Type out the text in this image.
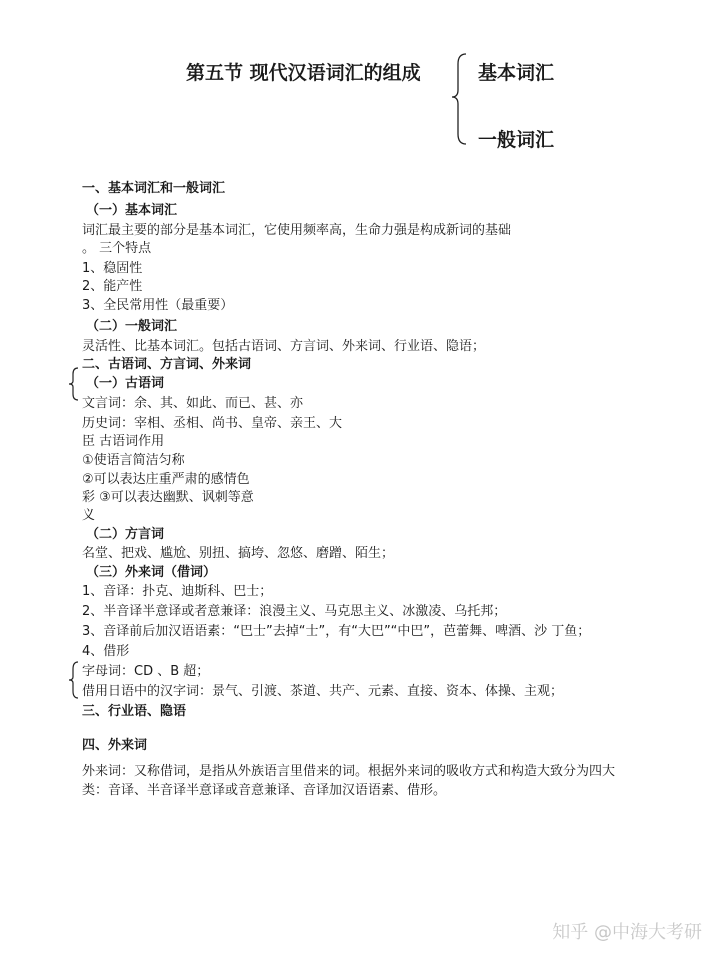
第五节 现代汉语词汇的组成	基本词汇
一般词汇
一、基本词汇和一般词汇
（一）基本词汇
词汇最主要的部分是基本词汇，它使用频率高，生命力强是构成新词的基础
。 三个特点
1、稳固性
2、能产性
3、全民常用性（最重要）
（二）一般词汇
灵活性、比基本词汇。包括古语词、方言词、外来词、行业语、隐语；
二、古语词、方言词、外来词
（一）古语词
文言词：余、其、如此、而已、甚、亦
历史词：宰相、丞相、尚书、皇帝、亲王、大
臣 古语词作用
①使语言简洁匀称
②可以表达庄重严肃的感情色
彩 ③可以表达幽默、讽刺等意
义
（二）方言词
名堂、把戏、尴尬、别扭、搞垮、忽悠、磨蹭、陌生；
（三）外来词（借词）
1、音译：扑克、迪斯科、巴士；
2、半音译半意译或者意兼译：浪漫主义、马克思主义、冰激凌、乌托邦；
3、音译前后加汉语语素：“巴士”去掉“士”，有“大巴”“中巴”，芭蕾舞、啤酒、沙 丁鱼；
4、借形
字母词：CD 、B 超；
借用日语中的汉字词：景气、引渡、茶道、共产、元素、直接、资本、体操、主观；
三、行业语、隐语
四、外来词
外来词：又称借词，是指从外族语言里借来的词。根据外来词的吸收方式和构造大致分为四大
类：音译、半音译半意译或音意兼译、音译加汉语语素、借形。
知乎 @中海大考研
